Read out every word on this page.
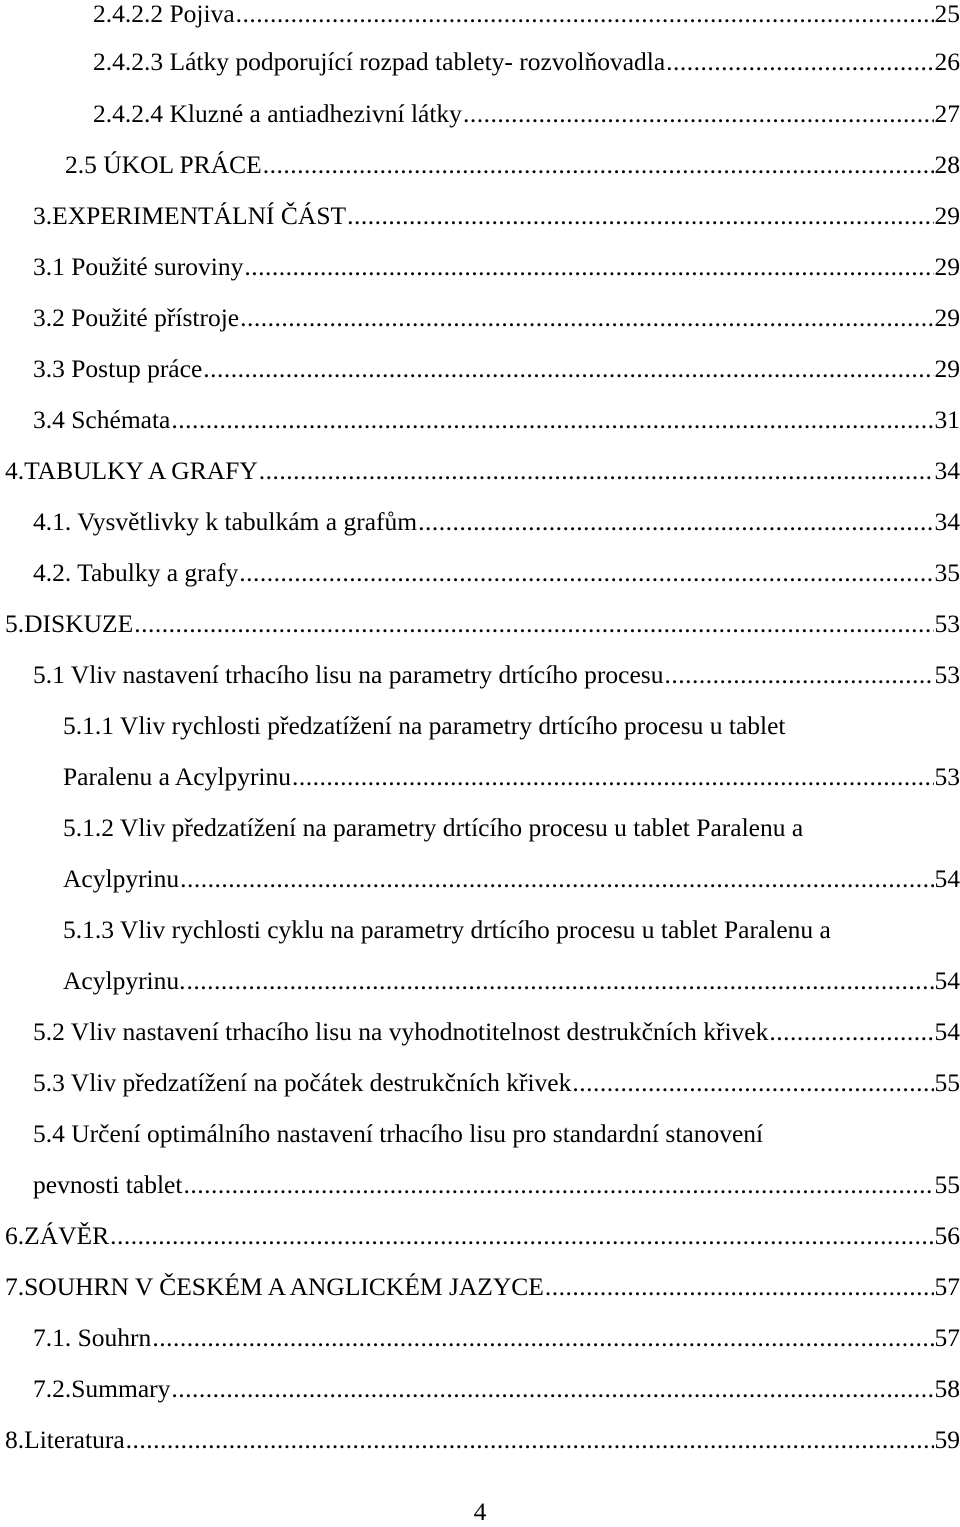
2.4.2.2 Pojiva .....	25
2.4.2.3 Látky podporující rozpad tablety- rozvolňovadla .....	26
2.4.2.4 Kluzné a antiadhezivní látky .....	27
2.5 ÚKOL PRÁCE .....	28
3.EXPERIMENTÁLNÍ ČÁST .....	29
3.1 Použité suroviny .....	29
3.2 Použité přístroje .....	29
3.3 Postup práce .....	29
3.4 Schémata .....	31
4.TABULKY A GRAFY .....	34
4.1. Vysvětlivky k tabulkám a grafům .....	34
4.2. Tabulky a grafy .....	35
5.DISKUZE .....	53
5.1 Vliv nastavení trhacího lisu na parametry drtícího procesu .....	53
5.1.1 Vliv rychlosti předzatížení na parametry drtícího procesu u tablet
Paralenu a Acylpyrinu .....	53
5.1.2 Vliv předzatížení na parametry drtícího procesu u tablet Paralenu a
Acylpyrinu .....	54
5.1.3 Vliv rychlosti cyklu na parametry drtícího procesu u tablet Paralenu a
Acylpyrinu. .....	54
5.2 Vliv nastavení trhacího lisu na vyhodnotitelnost destrukčních křivek .....	54
5.3 Vliv předzatížení na počátek destrukčních křivek .....	55
5.4 Určení optimálního nastavení trhacího lisu pro standardní stanovení
pevnosti tablet .....	55
6.ZÁVĚR .....	56
7.SOUHRN V ČESKÉM A ANGLICKÉM JAZYCE .....	57
7.1. Souhrn .....	57
7.2.Summary .....	58
8.Literatura .....	59
4
